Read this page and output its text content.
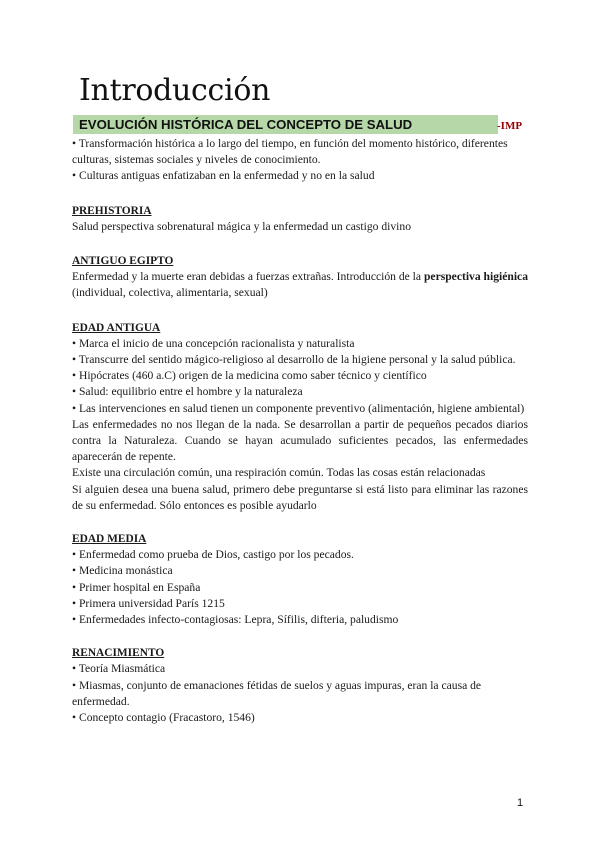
Introducción
EVOLUCIÓN HISTÓRICA DEL CONCEPTO DE SALUD	-IMP

• Transformación histórica a lo largo del tiempo, en función del momento histórico, diferentes culturas, sistemas sociales y niveles de conocimiento.

• Culturas antiguas enfatizaban en la enfermedad y no en la salud

PREHISTORIA

Salud perspectiva sobrenatural mágica y la enfermedad un castigo divino

ANTIGUO EGIPTO

Enfermedad y la muerte eran debidas a fuerzas extrañas. Introducción de la perspectiva higiénica (individual, colectiva, alimentaria, sexual)

EDAD ANTIGUA

• Marca el inicio de una concepción racionalista y naturalista

• Transcurre del sentido mágico-religioso al desarrollo de la higiene personal y la salud pública.

• Hipócrates (460 a.C) origen de la medicina como saber técnico y científico

• Salud: equilibrio entre el hombre y la naturaleza

• Las intervenciones en salud tienen un componente preventivo (alimentación, higiene ambiental)

Las enfermedades no nos llegan de la nada. Se desarrollan a partir de pequeños pecados diarios contra la Naturaleza. Cuando se hayan acumulado suficientes pecados, las enfermedades aparecerán de repente.

Existe una circulación común, una respiración común. Todas las cosas están relacionadas

Si alguien desea una buena salud, primero debe preguntarse si está listo para eliminar las razones de su enfermedad. Sólo entonces es posible ayudarlo

EDAD MEDIA

• Enfermedad como prueba de Dios, castigo por los pecados.

• Medicina monástica

• Primer hospital en España

• Primera universidad París 1215

• Enfermedades infecto-contagiosas: Lepra, Sífilis, difteria, paludismo

RENACIMIENTO

• Teoría Miasmática

• Miasmas, conjunto de emanaciones fétidas de suelos y aguas impuras, eran la causa de enfermedad.

• Concepto contagio (Fracastoro, 1546)

1
